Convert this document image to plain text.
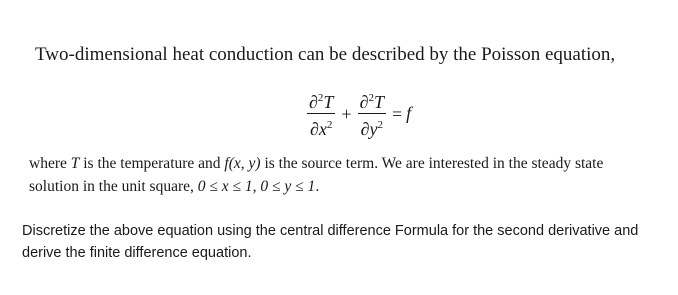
Two-dimensional heat conduction can be described by the Poisson equation,
$\frac{\partial^2T}{\partial x^2} + \frac{\partial^2T}{\partial y^2} = f$
where T is the temperature and f(x, y) is the source term. We are interested in the steady state solution in the unit square, 0 ≤ x ≤ 1, 0 ≤ y ≤ 1.
Discretize the above equation using the central difference Formula for the second derivative and derive the finite difference equation.
